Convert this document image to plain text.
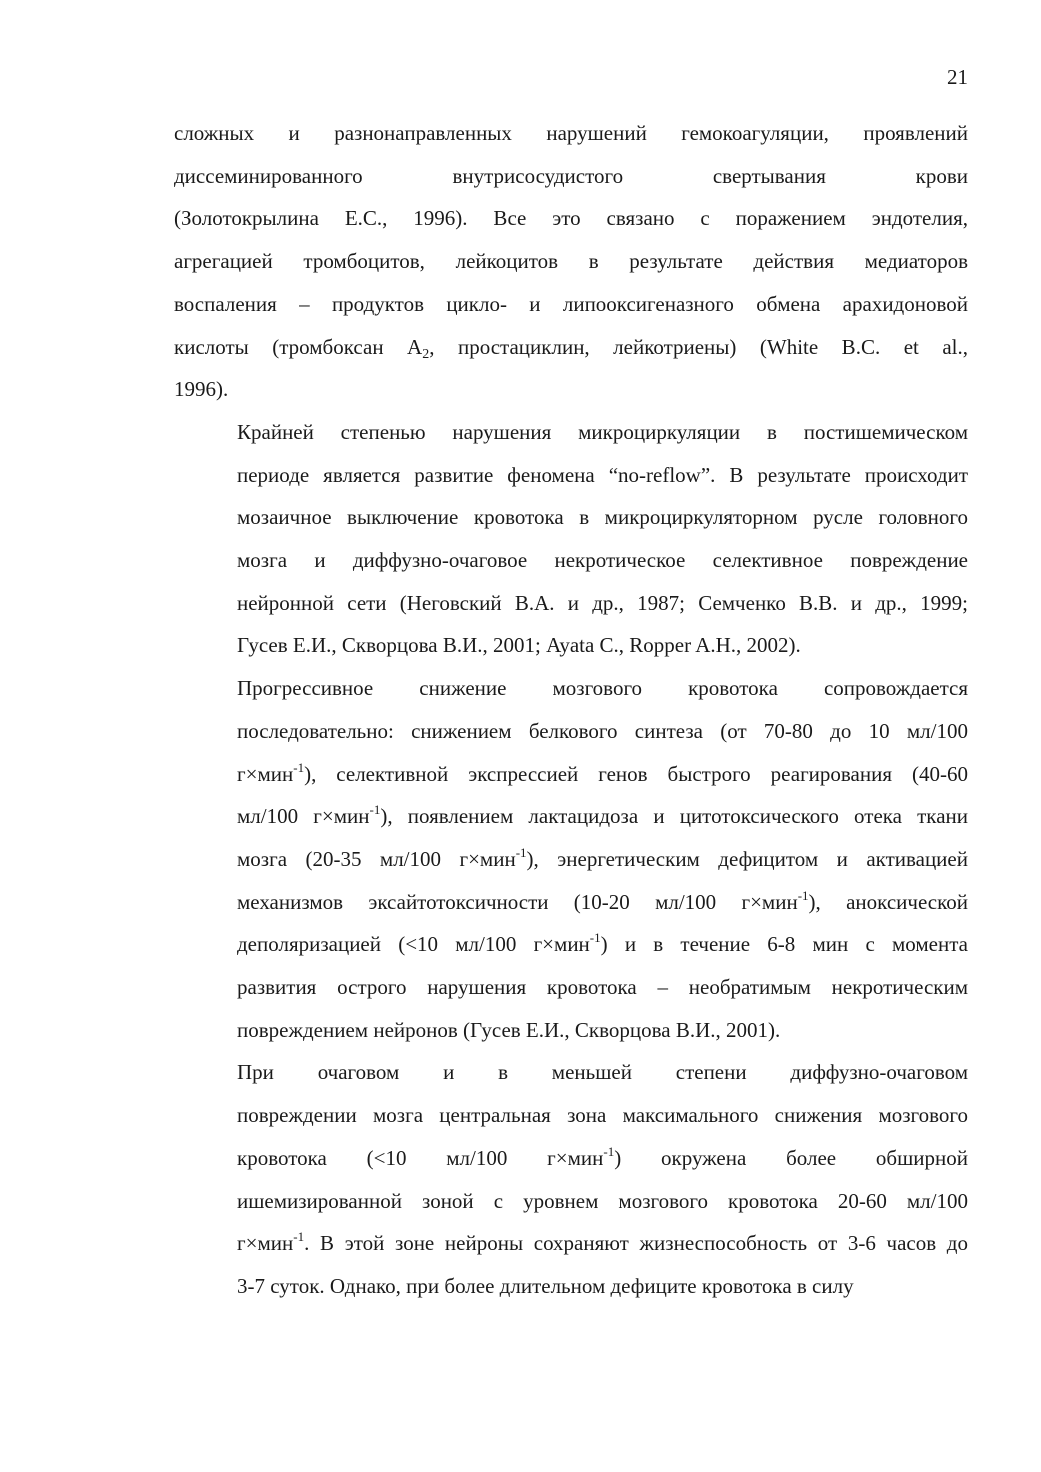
21

сложных и разнонаправленных нарушений гемокоагуляции, проявлений
диссеминированного внутрисосудистого свертывания крови
(Золотокрылина Е.С., 1996). Все это связано с поражением эндотелия,
агрегацией тромбоцитов, лейкоцитов в результате действия медиаторов
воспаления – продуктов цикло- и липооксигеназного обмена арахидоновой
кислоты (тромбоксан $A_2$, простациклин, лейкотриены) (White B.C. et al.,
1996).

Крайней степенью нарушения микроциркуляции в постишемическом
периоде является развитие феномена “no-reflow”. В результате происходит
мозаичное выключение кровотока в микроциркуляторном русле головного
мозга и диффузно-очаговое некротическое селективное повреждение
нейронной сети (Неговский В.А. и др., 1987; Семченко В.В. и др., 1999;
Гусев Е.И., Скворцова В.И., 2001; Ayata C., Ropper A.H., 2002).

Прогрессивное снижение мозгового кровотока сопровождается
последовательно: снижением белкового синтеза (от 70-80 до 10 мл/100
г×мин$^{-1}$), селективной экспрессией генов быстрого реагирования (40-60
мл/100 г×мин$^{-1}$), появлением лактацидоза и цитотоксического отека ткани
мозга (20-35 мл/100 г×мин$^{-1}$), энергетическим дефицитом и активацией
механизмов эксайтотоксичности (10-20 мл/100 г×мин$^{-1}$), аноксической
деполяризацией (<10 мл/100 г×мин$^{-1}$) и в течение 6-8 мин с момента
развития острого нарушения кровотока – необратимым некротическим
повреждением нейронов (Гусев Е.И., Скворцова В.И., 2001).

При очаговом и в меньшей степени диффузно-очаговом
повреждении мозга центральная зона максимального снижения мозгового
кровотока (<10 мл/100 г×мин$^{-1}$) окружена более обширной
ишемизированной зоной с уровнем мозгового кровотока 20-60 мл/100
г×мин$^{-1}$. В этой зоне нейроны сохраняют жизнеспособность от 3-6 часов до
3-7 суток. Однако, при более длительном дефиците кровотока в силу
